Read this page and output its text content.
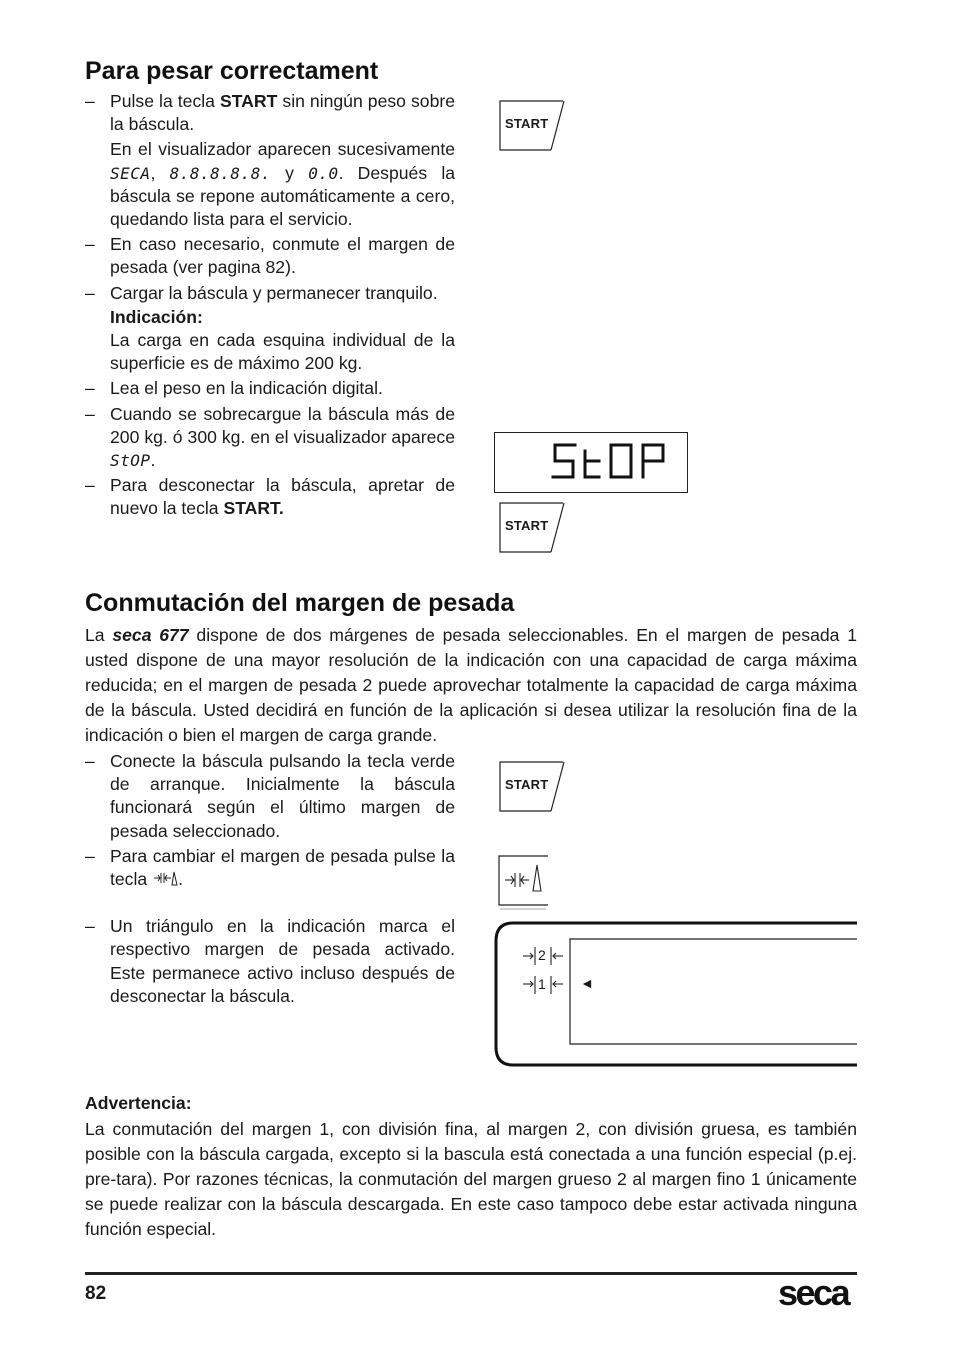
Para pesar correctament
– Pulse la tecla START sin ningún peso sobre la báscula.
En el visualizador aparecen sucesivamente SECA, 8.8.8.8.8. y 0.0. Después la báscula se repone automáticamente a cero, quedando lista para el servicio.
– En caso necesario, conmute el margen de pesada (ver pagina 82).
– Cargar la báscula y permanecer tranquilo.
Indicación:
La carga en cada esquina individual de la superficie es de máximo 200 kg.
– Lea el peso en la indicación digital.
– Cuando se sobrecargue la báscula más de 200 kg. ó 300 kg. en el visualizador aparece StOP.
– Para desconectar la báscula, apretar de nuevo la tecla START.
START
START
Conmutación del margen de pesada

La seca 677 dispone de dos márgenes de pesada seleccionables. En el margen de pesada 1 usted dispone de una mayor resolución de la indicación con una capacidad de carga máxima reducida; en el margen de pesada 2 puede aprovechar totalmente la capacidad de carga máxima de la báscula. Usted decidirá en función de la aplicación si desea utilizar la resolución fina de la indicación o bien el margen de carga grande.

– Conecte la báscula pulsando la tecla verde de arranque. Inicialmente la báscula funcionará según el último margen de pesada seleccionado.
– Para cambiar el margen de pesada pulse la tecla .
– Un triángulo en la indicación marca el respectivo margen de pesada activado. Este permanece activo incluso después de desconectar la báscula.
START
2
1 ◄
Advertencia:

La conmutación del margen 1, con división fina, al margen 2, con división gruesa, es también posible con la báscula cargada, excepto si la bascula está conectada a una función especial (p.ej. pre-tara). Por razones técnicas, la conmutación del margen grueso 2 al margen fino 1 únicamente se puede realizar con la báscula descargada. En este caso tampoco debe estar activada ninguna función especial.

82	seca
